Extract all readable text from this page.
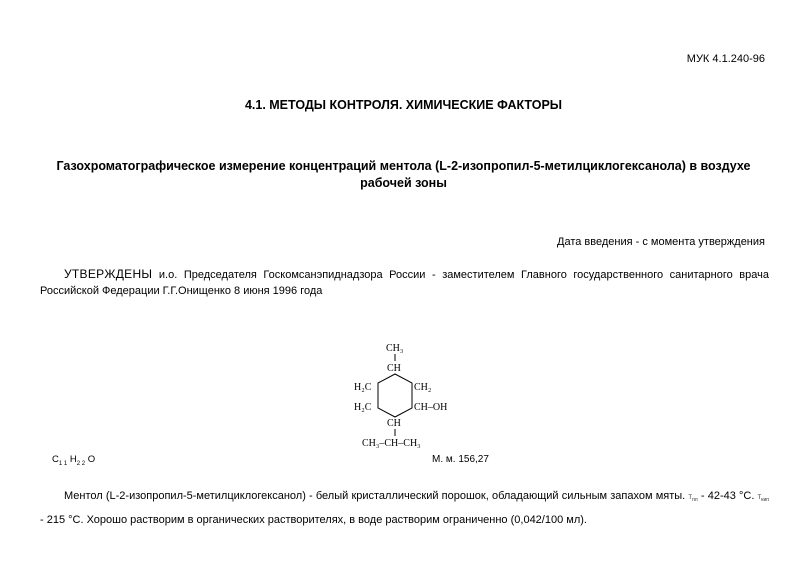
МУК 4.1.240-96
4.1. МЕТОДЫ КОНТРОЛЯ. ХИМИЧЕСКИЕ ФАКТОРЫ
Газохроматографическое измерение концентраций ментола (L-2-изопропил-5-метилциклогексанола) в воздухе рабочей зоны
Дата введения - с момента утверждения
УТВЕРЖДЕНЫ и.о. Председателя Госкомсанэпиднадзора России - заместителем Главного государственного санитарного врача Российской Федерации Г.Г.Онищенко 8 июня 1996 года
CH₃
CH
H₂C	CH₂
H₂C	CH–OH
CH
CH₃–CH–CH₃
$C_{1 1}$ $H_{2 2}$ O	М. м. 156,27
Ментол (L-2-изопропил-5-метилциклогексанол) - белый кристаллический порошок, обладающий сильным запахом мяты. $Т_{пл} - 42-43$ °С. $Т_{кип} - 215$ °С. Хорошо растворим в органических растворителях, в воде растворим ограниченно (0,042/100 мл).
